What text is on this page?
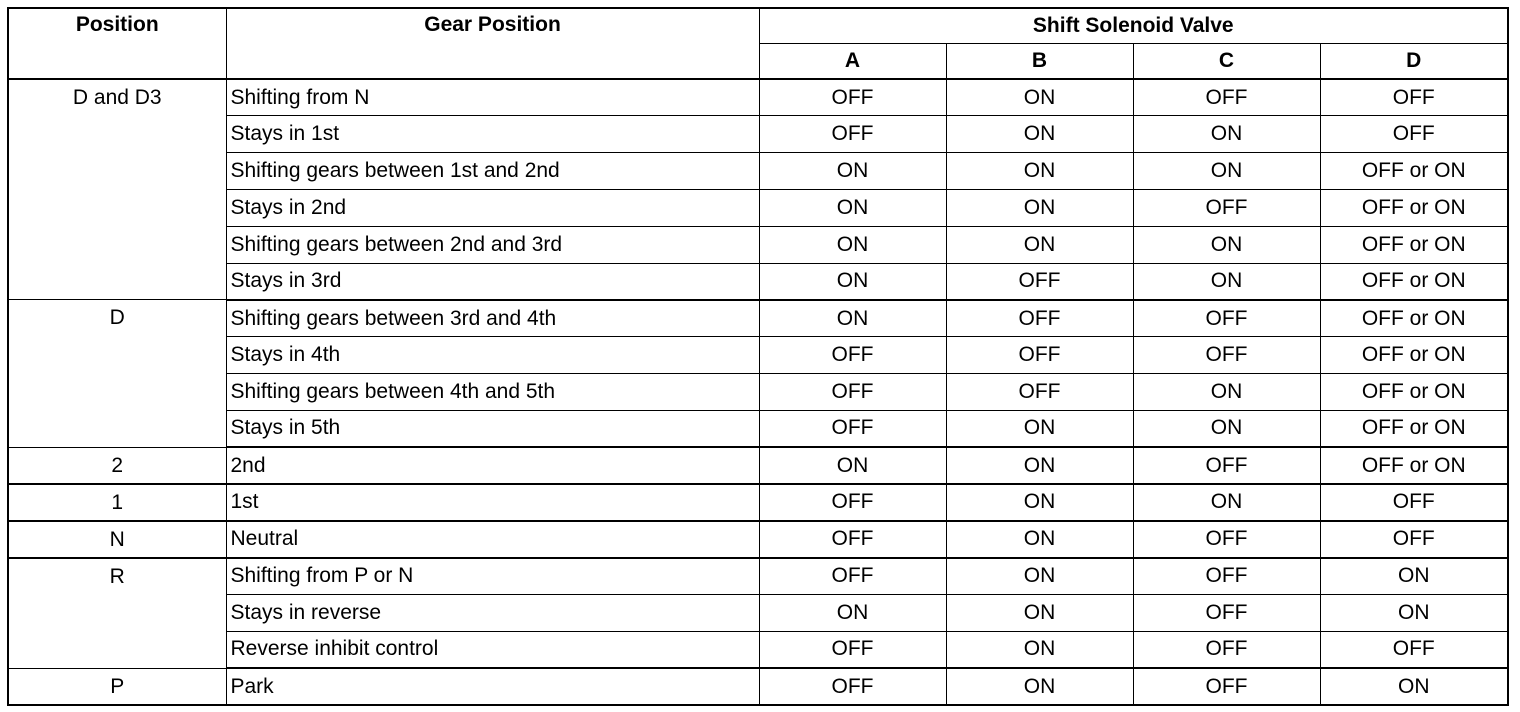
Position	Gear Position	Shift Solenoid Valve			
		A	B	C	D
D and D3	Shifting from N	OFF	ON	OFF	OFF
	Stays in 1st	OFF	ON	ON	OFF
	Shifting gears between 1st and 2nd	ON	ON	ON	OFF or ON
	Stays in 2nd	ON	ON	OFF	OFF or ON
	Shifting gears between 2nd and 3rd	ON	ON	ON	OFF or ON
	Stays in 3rd	ON	OFF	ON	OFF or ON
D	Shifting gears between 3rd and 4th	ON	OFF	OFF	OFF or ON
	Stays in 4th	OFF	OFF	OFF	OFF or ON
	Shifting gears between 4th and 5th	OFF	OFF	ON	OFF or ON
	Stays in 5th	OFF	ON	ON	OFF or ON
2	2nd	ON	ON	OFF	OFF or ON
1	1st	OFF	ON	ON	OFF
N	Neutral	OFF	ON	OFF	OFF
R	Shifting from P or N	OFF	ON	OFF	ON
	Stays in reverse	ON	ON	OFF	ON
	Reverse inhibit control	OFF	ON	OFF	OFF
P	Park	OFF	ON	OFF	ON
